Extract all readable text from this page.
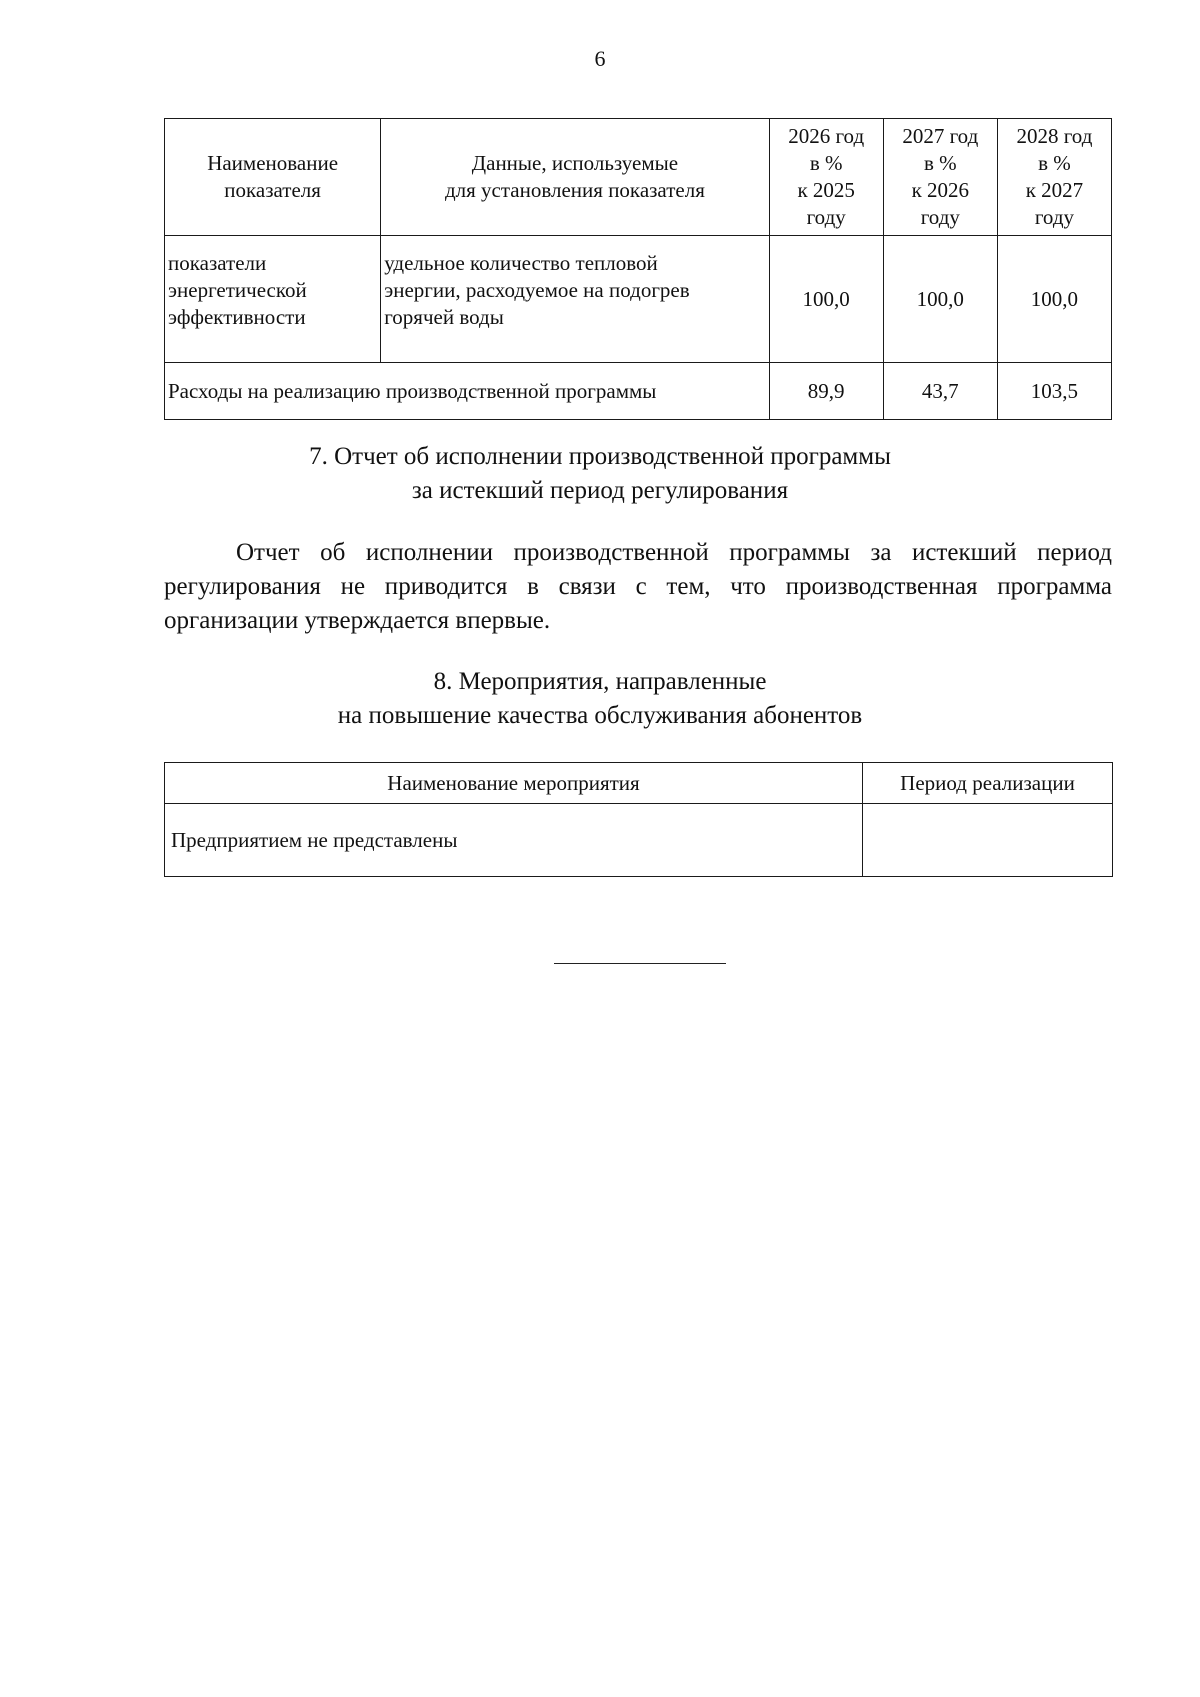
6
Наименование
показателя	Данные, используемые
для установления показателя	2026 год
в %
к 2025
году	2027 год
в %
к 2026
году	2028 год
в %
к 2027
году
показатели
энергетической
эффективности	удельное количество тепловой
энергии, расходуемое на подогрев
горячей воды	100,0	100,0	100,0
Расходы на реализацию производственной программы		89,9	43,7	103,5
7. Отчет об исполнении производственной программы
за истекший период регулирования
Отчет об исполнении производственной программы за истекший период регулирования не приводится в связи с тем, что производственная программа организации утверждается впервые.
8. Мероприятия, направленные
на повышение качества обслуживания абонентов
Наименование мероприятия	Период реализации
Предприятием не представлены	
